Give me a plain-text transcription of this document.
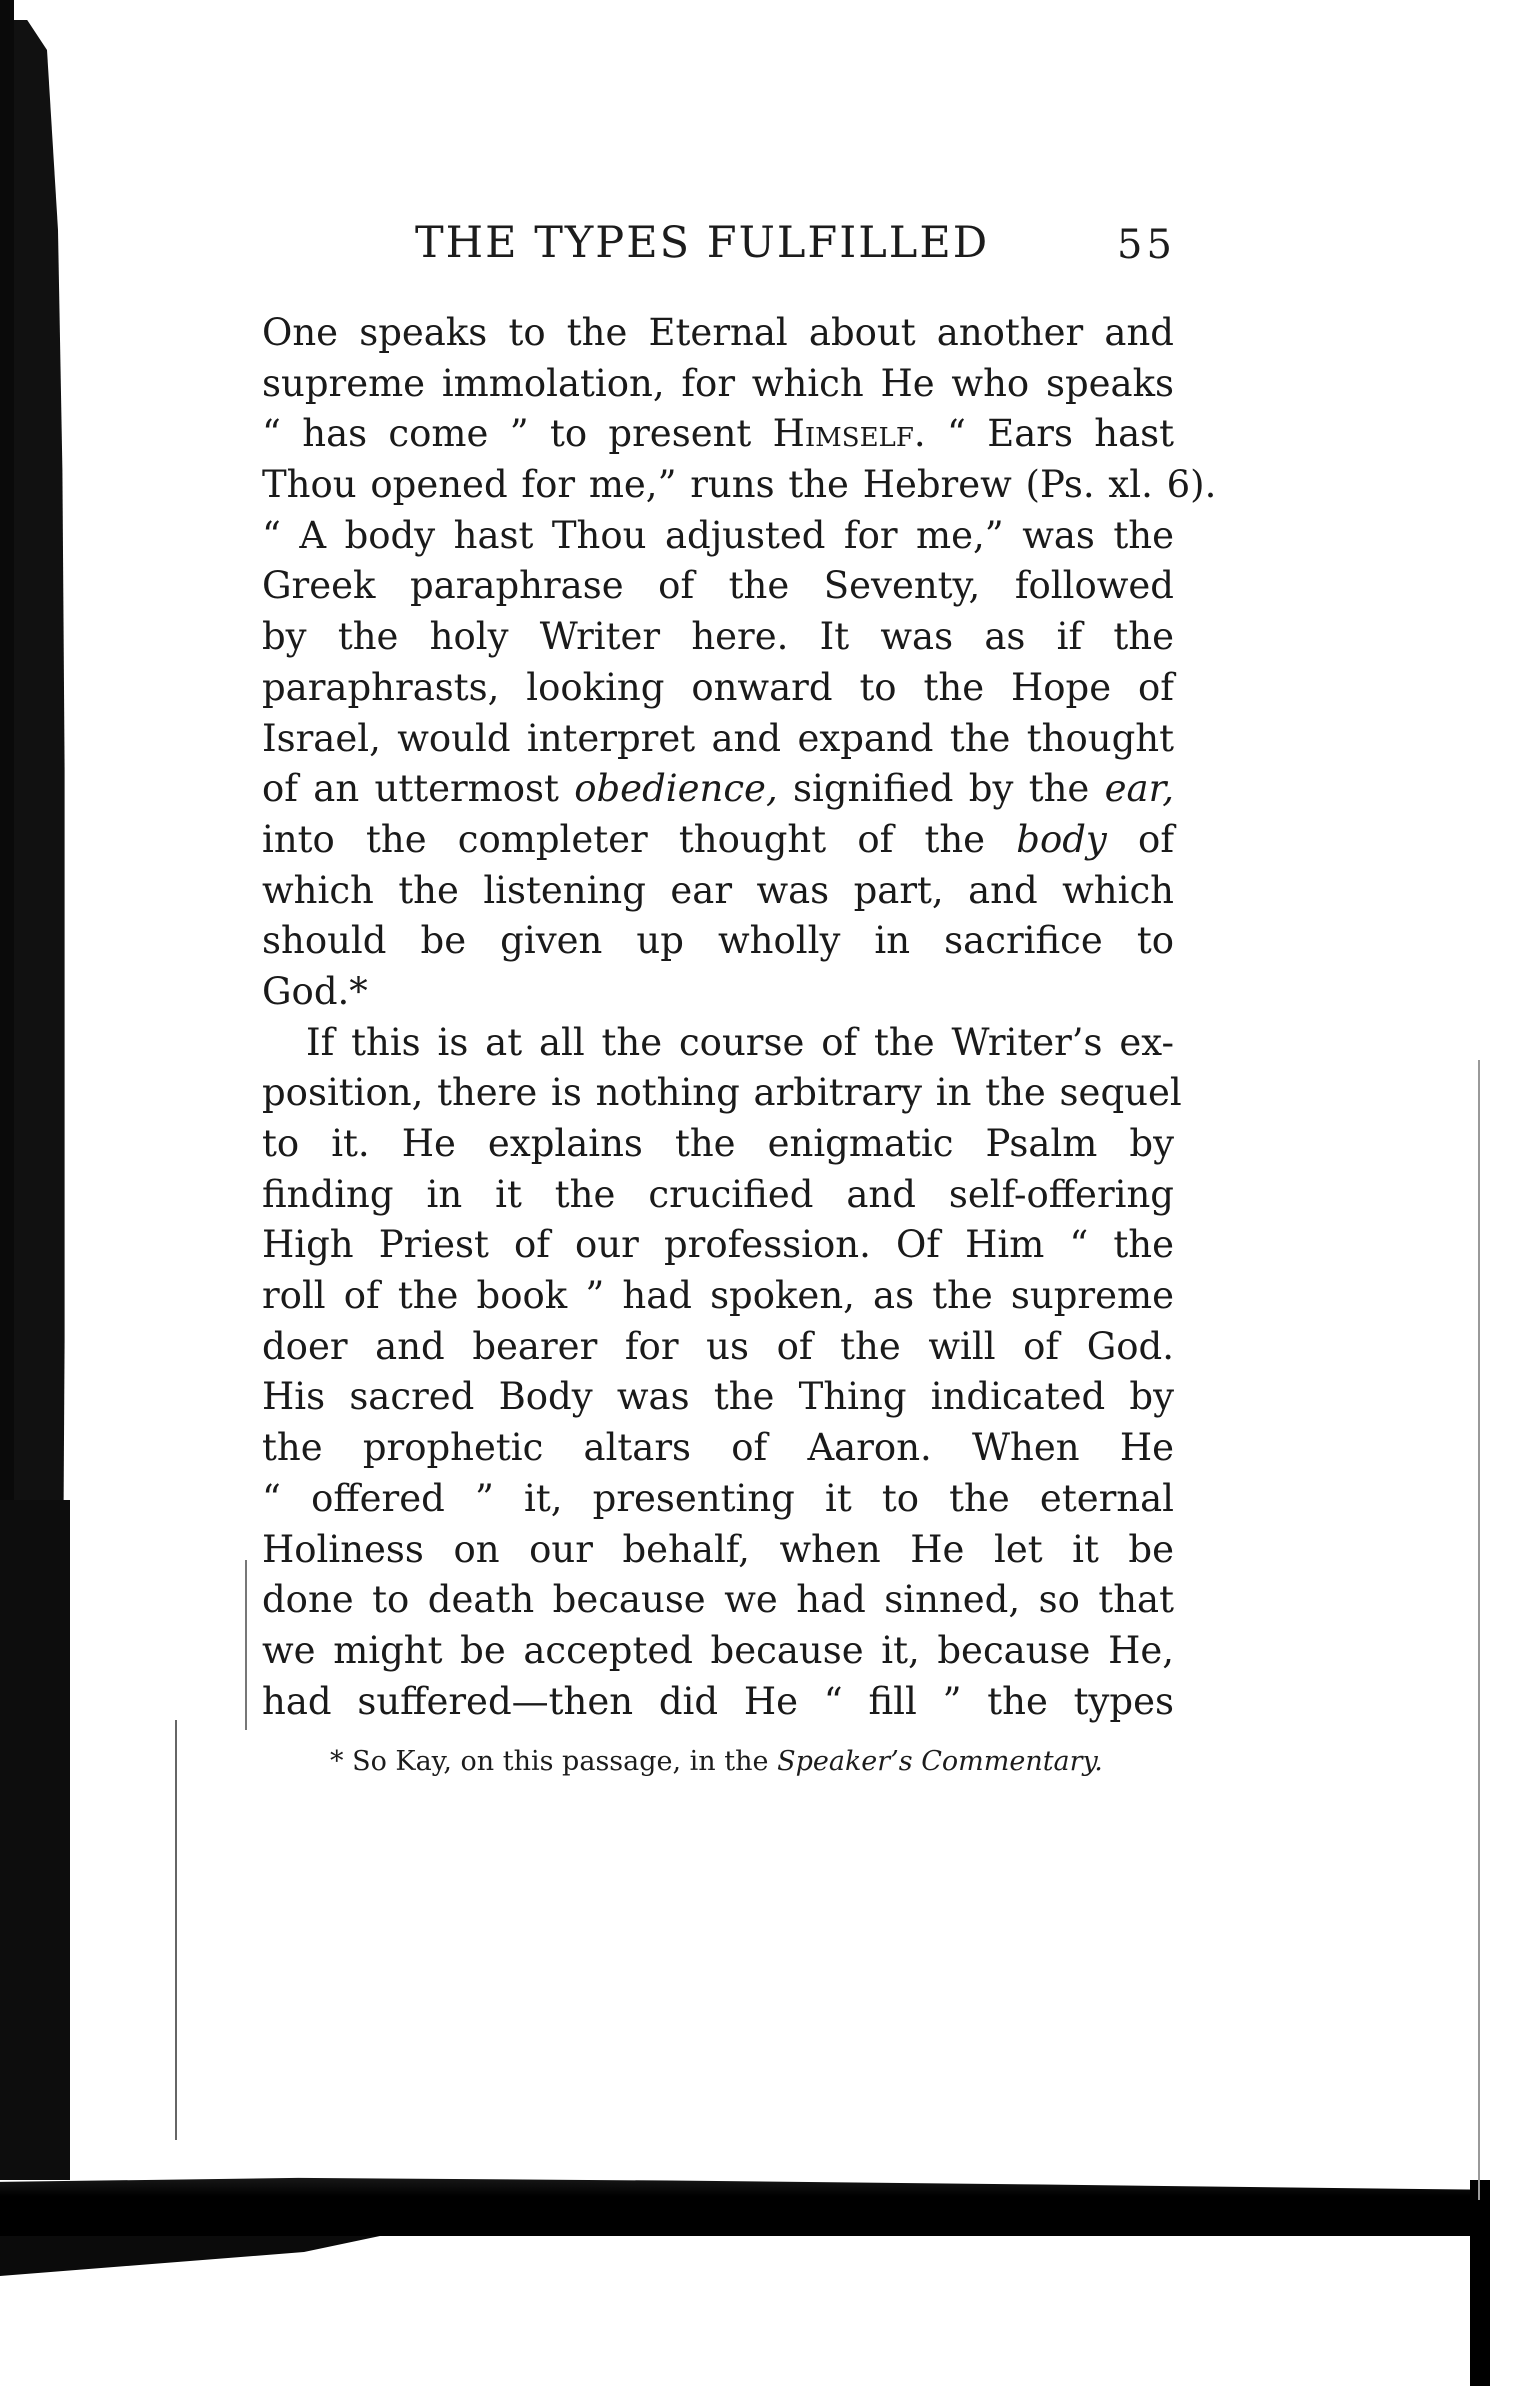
THE TYPES FULFILLED	55
One speaks to the Eternal about another and
supreme immolation, for which He who speaks
“ has come ” to present Himself. “ Ears hast
Thou opened for me,” runs the Hebrew (Ps. xl. 6).
“ A body hast Thou adjusted for me,” was the
Greek paraphrase of the Seventy, followed
by the holy Writer here. It was as if the
paraphrasts, looking onward to the Hope of
Israel, would interpret and expand the thought
of an uttermost obedience, signified by the ear,
into the completer thought of the body of
which the listening ear was part, and which
should be given up wholly in sacrifice to
God.*
If this is at all the course of the Writer’s ex-
position, there is nothing arbitrary in the sequel
to it. He explains the enigmatic Psalm by
finding in it the crucified and self-offering
High Priest of our profession. Of Him “ the
roll of the book ” had spoken, as the supreme
doer and bearer for us of the will of God.
His sacred Body was the Thing indicated by
the prophetic altars of Aaron. When He
“ offered ” it, presenting it to the eternal
Holiness on our behalf, when He let it be
done to death because we had sinned, so that
we might be accepted because it, because He,
had suffered—then did He “ fill ” the types
* So Kay, on this passage, in the Speaker’s Commentary.
